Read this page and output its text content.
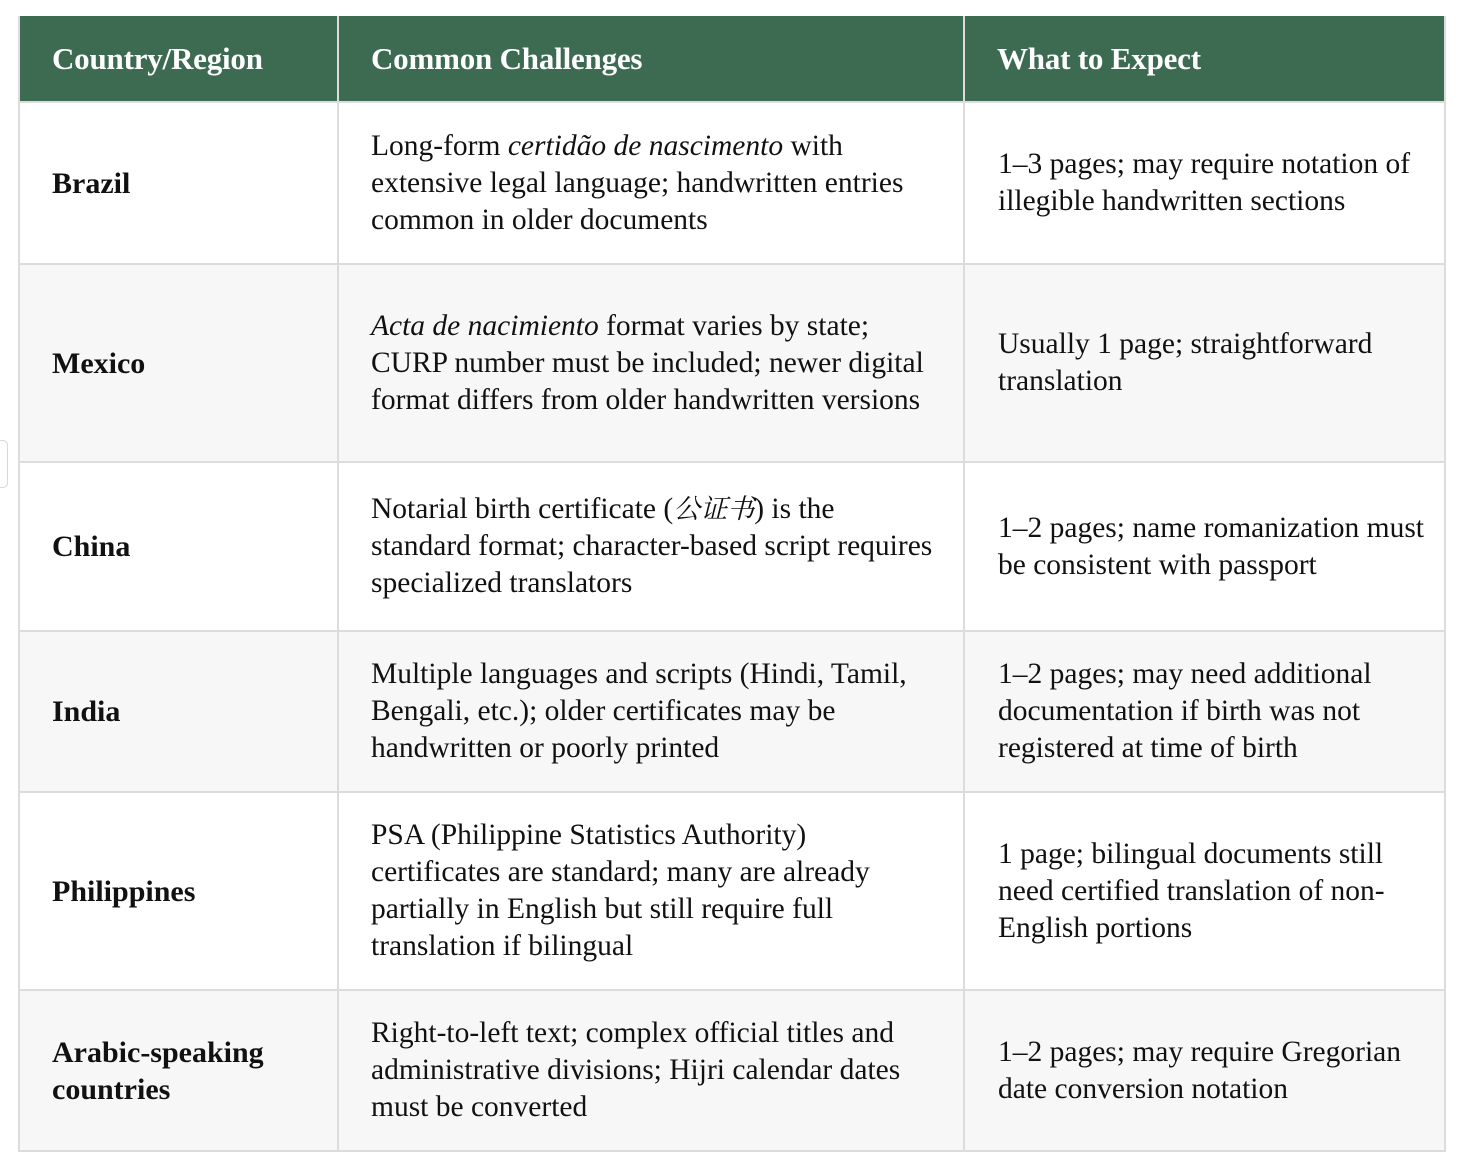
Country/Region	Common Challenges	What to Expect
Brazil	Long-form certidão de nascimento with extensive legal language; handwritten entries common in older documents	1–3 pages; may require notation of illegible handwritten sections
Mexico	Acta de nacimiento format varies by state; CURP number must be included; newer digital format differs from older handwritten versions	Usually 1 page; straightforward translation
China	Notarial birth certificate (公证书) is the standard format; character-based script requires specialized translators	1–2 pages; name romanization must be consistent with passport
India	Multiple languages and scripts (Hindi, Tamil, Bengali, etc.); older certificates may be handwritten or poorly printed	1–2 pages; may need additional documentation if birth was not registered at time of birth
Philippines	PSA (Philippine Statistics Authority) certificates are standard; many are already partially in English but still require full translation if bilingual	1 page; bilingual documents still need certified translation of non-English portions
Arabic-speaking countries	Right-to-left text; complex official titles and administrative divisions; Hijri calendar dates must be converted	1–2 pages; may require Gregorian date conversion notation
